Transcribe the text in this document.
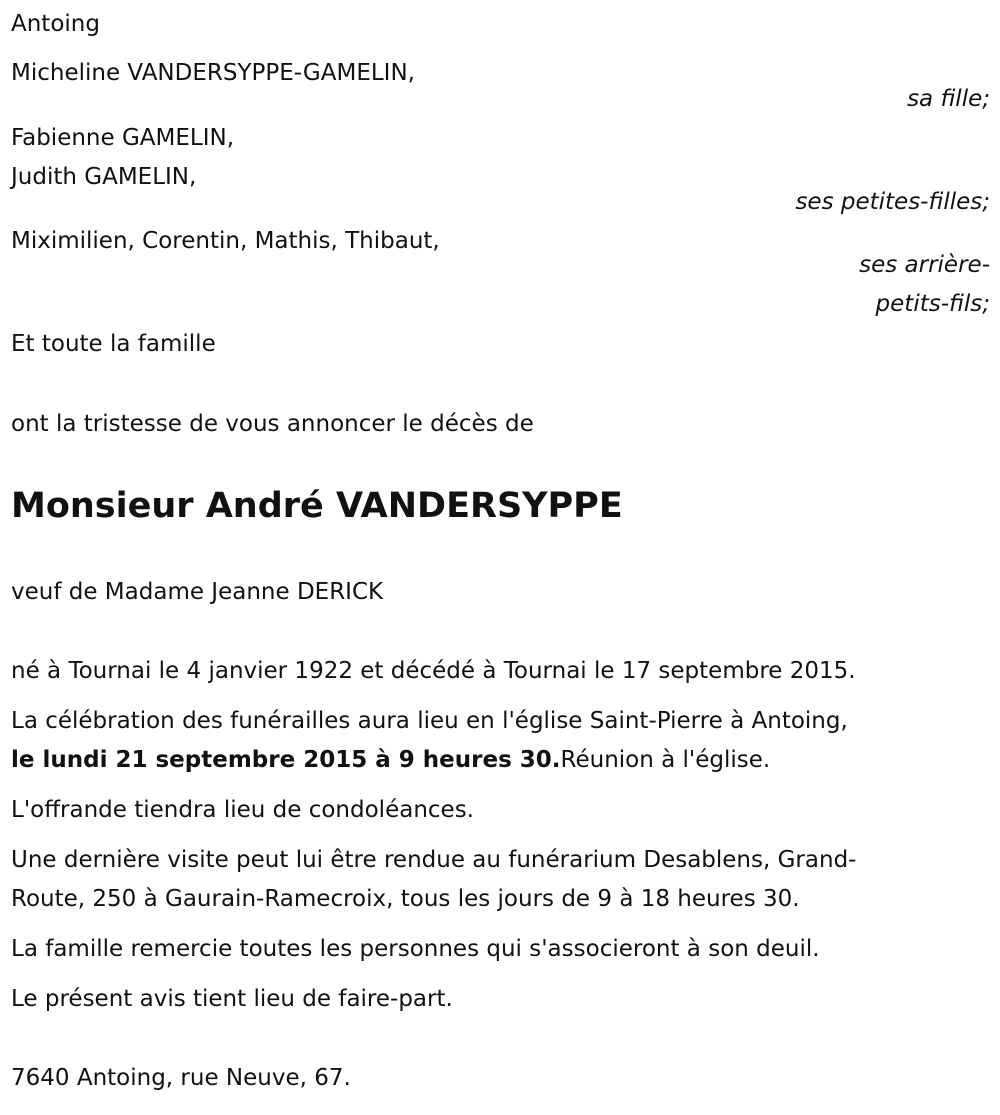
Antoing
Micheline VANDERSYPPE-GAMELIN,
sa fille;
Fabienne GAMELIN,
Judith GAMELIN,
ses petites-filles;
Miximilien, Corentin, Mathis, Thibaut,
ses arrière-
petits-fils;
Et toute la famille
ont la tristesse de vous annoncer le décès de
Monsieur André VANDERSYPPE
veuf de Madame Jeanne DERICK
né à Tournai le 4 janvier 1922 et décédé à Tournai le 17 septembre 2015.
La célébration des funérailles aura lieu en l'église Saint-Pierre à Antoing,
le lundi 21 septembre 2015 à 9 heures 30.Réunion à l'église.
L'offrande tiendra lieu de condoléances.
Une dernière visite peut lui être rendue au funérarium Desablens, Grand-
Route, 250 à Gaurain-Ramecroix, tous les jours de 9 à 18 heures 30.
La famille remercie toutes les personnes qui s'associeront à son deuil.
Le présent avis tient lieu de faire-part.
7640 Antoing, rue Neuve, 67.
